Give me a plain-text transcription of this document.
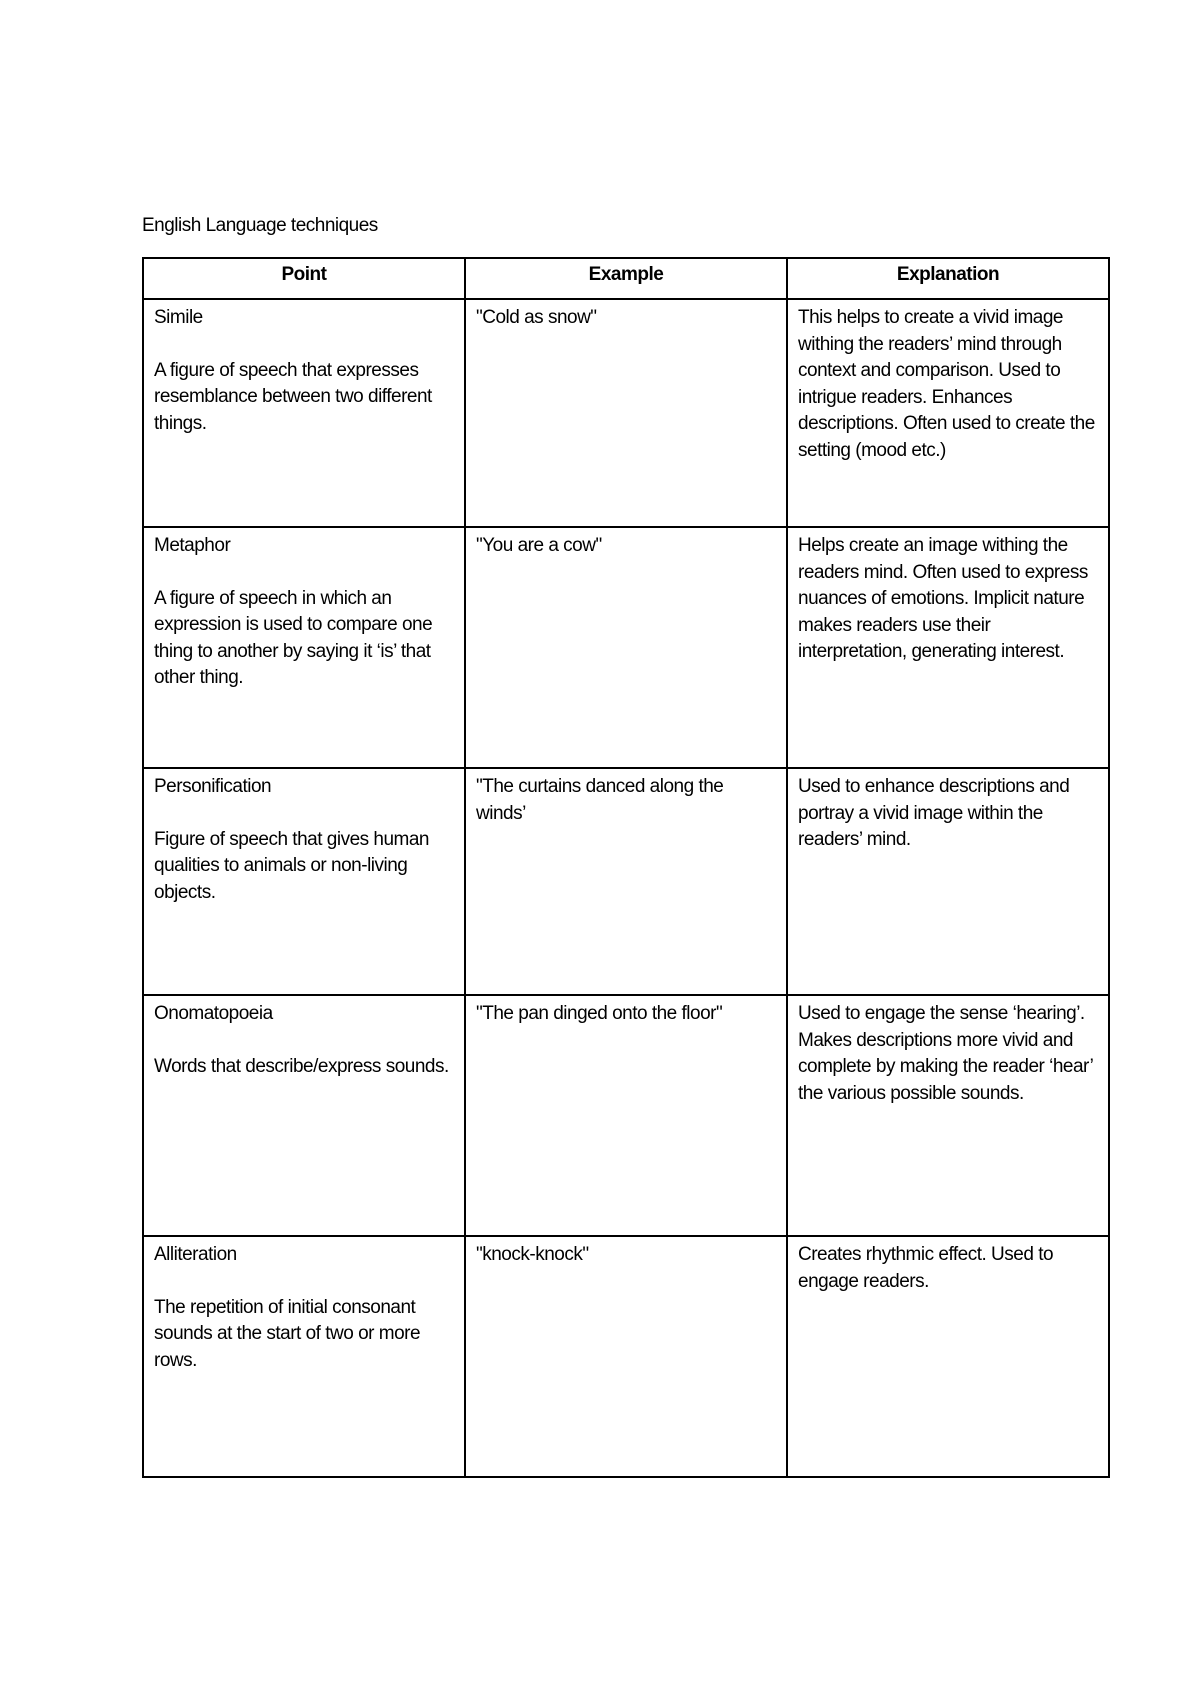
English Language techniques
Point	Example	Explanation

Simile
A figure of speech that expresses resemblance between two different things.	"Cold as snow"	This helps to create a vivid image withing the readers’ mind through context and comparison. Used to intrigue readers. Enhances descriptions. Often used to create the setting (mood etc.)

Metaphor
A figure of speech in which an expression is used to compare one thing to another by saying it ‘is’ that other thing.	"You are a cow"	Helps create an image withing the readers mind. Often used to express nuances of emotions. Implicit nature makes readers use their interpretation, generating interest.

Personification
Figure of speech that gives human qualities to animals or non-living objects.	"The curtains danced along the winds’	Used to enhance descriptions and portray a vivid image within the readers’ mind.

Onomatopoeia
Words that describe/express sounds.	"The pan dinged onto the floor"	Used to engage the sense ‘hearing’. Makes descriptions more vivid and complete by making the reader ‘hear’ the various possible sounds.

Alliteration
The repetition of initial consonant sounds at the start of two or more rows.	"knock-knock"	Creates rhythmic effect. Used to engage readers.
